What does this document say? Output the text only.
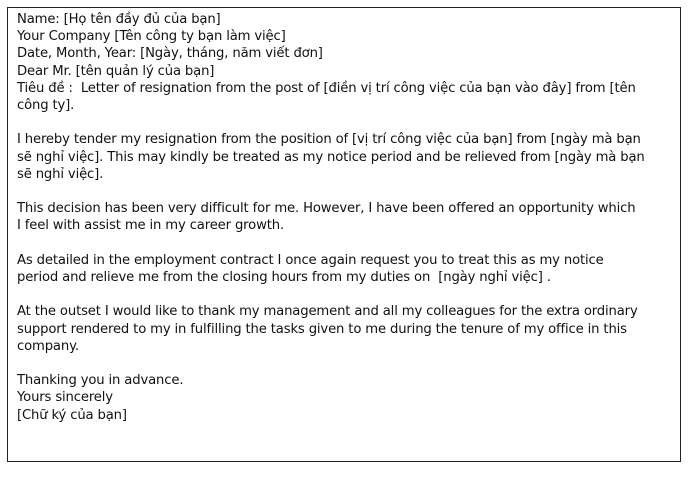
Name: [Họ tên đầy đủ của bạn]
Your Company [Tên công ty bạn làm việc]
Date, Month, Year: [Ngày, tháng, năm viết đơn]
Dear Mr. [tên quản lý của bạn]
Tiêu đề :  Letter of resignation from the post of [điền vị trí công việc của bạn vào đây] from [tên
công ty].
I hereby tender my resignation from the position of [vị trí công việc của bạn] from [ngày mà bạn
sẽ nghỉ việc]. This may kindly be treated as my notice period and be relieved from [ngày mà bạn
sẽ nghỉ việc].
This decision has been very difficult for me. However, I have been offered an opportunity which
I feel with assist me in my career growth.
As detailed in the employment contract I once again request you to treat this as my notice
period and relieve me from the closing hours from my duties on  [ngày nghỉ việc] .
At the outset I would like to thank my management and all my colleagues for the extra ordinary
support rendered to my in fulfilling the tasks given to me during the tenure of my office in this
company.
Thanking you in advance.
Yours sincerely
[Chữ ký của bạn]
